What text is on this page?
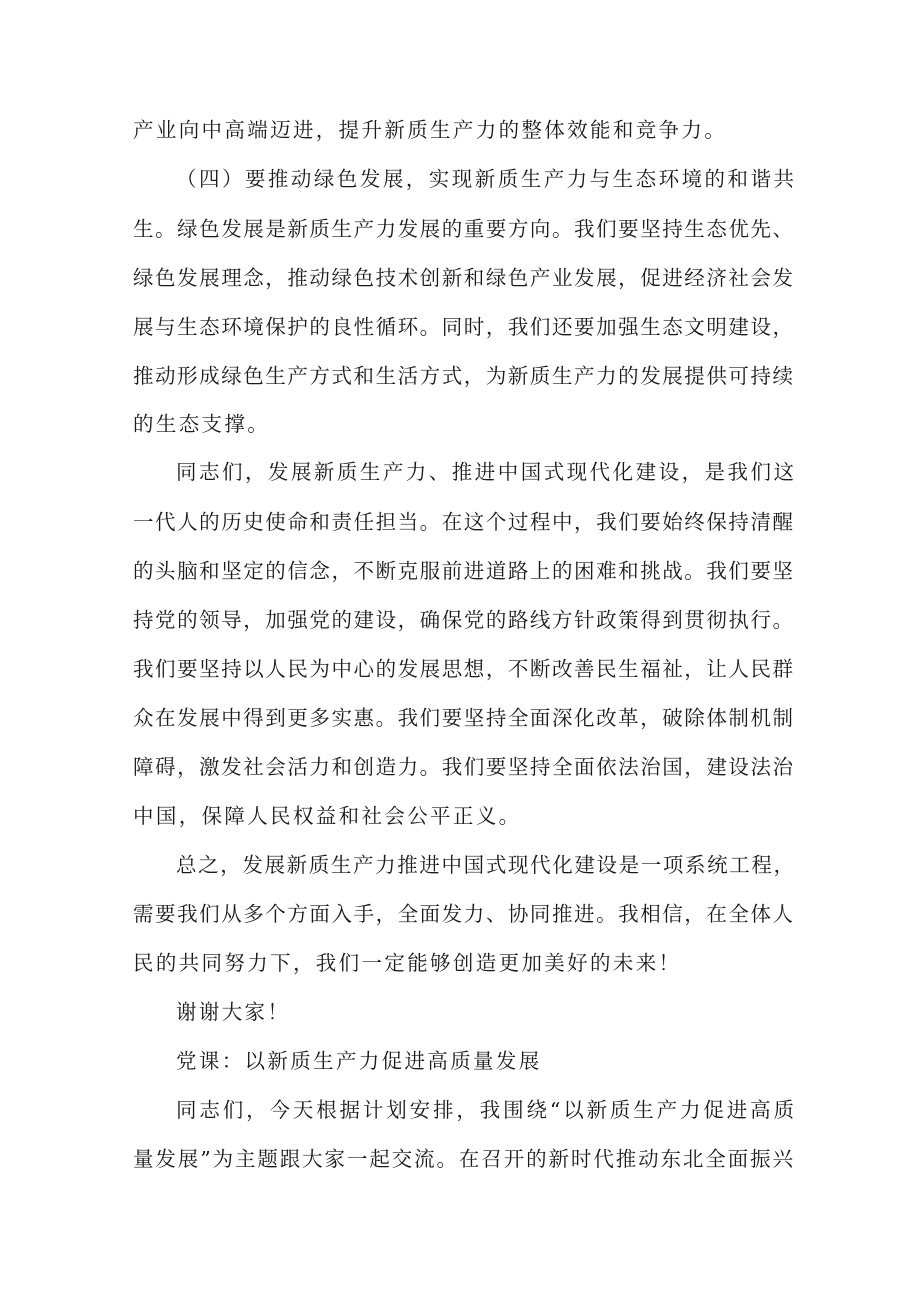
产业向中高端迈进，提升新质生产力的整体效能和竞争力。
（四）要推动绿色发展，实现新质生产力与生态环境的和谐共
生。绿色发展是新质生产力发展的重要方向。我们要坚持生态优先、
绿色发展理念，推动绿色技术创新和绿色产业发展，促进经济社会发
展与生态环境保护的良性循环。同时，我们还要加强生态文明建设，
推动形成绿色生产方式和生活方式，为新质生产力的发展提供可持续
的生态支撑。
同志们，发展新质生产力、推进中国式现代化建设，是我们这
一代人的历史使命和责任担当。在这个过程中，我们要始终保持清醒
的头脑和坚定的信念，不断克服前进道路上的困难和挑战。我们要坚
持党的领导，加强党的建设，确保党的路线方针政策得到贯彻执行。
我们要坚持以人民为中心的发展思想，不断改善民生福祉，让人民群
众在发展中得到更多实惠。我们要坚持全面深化改革，破除体制机制
障碍，激发社会活力和创造力。我们要坚持全面依法治国，建设法治
中国，保障人民权益和社会公平正义。
总之，发展新质生产力推进中国式现代化建设是一项系统工程，
需要我们从多个方面入手，全面发力、协同推进。我相信，在全体人
民的共同努力下，我们一定能够创造更加美好的未来！
谢谢大家！
党课：以新质生产力促进高质量发展
同志们，今天根据计划安排，我围绕“以新质生产力促进高质
量发展”为主题跟大家一起交流。在召开的新时代推动东北全面振兴
